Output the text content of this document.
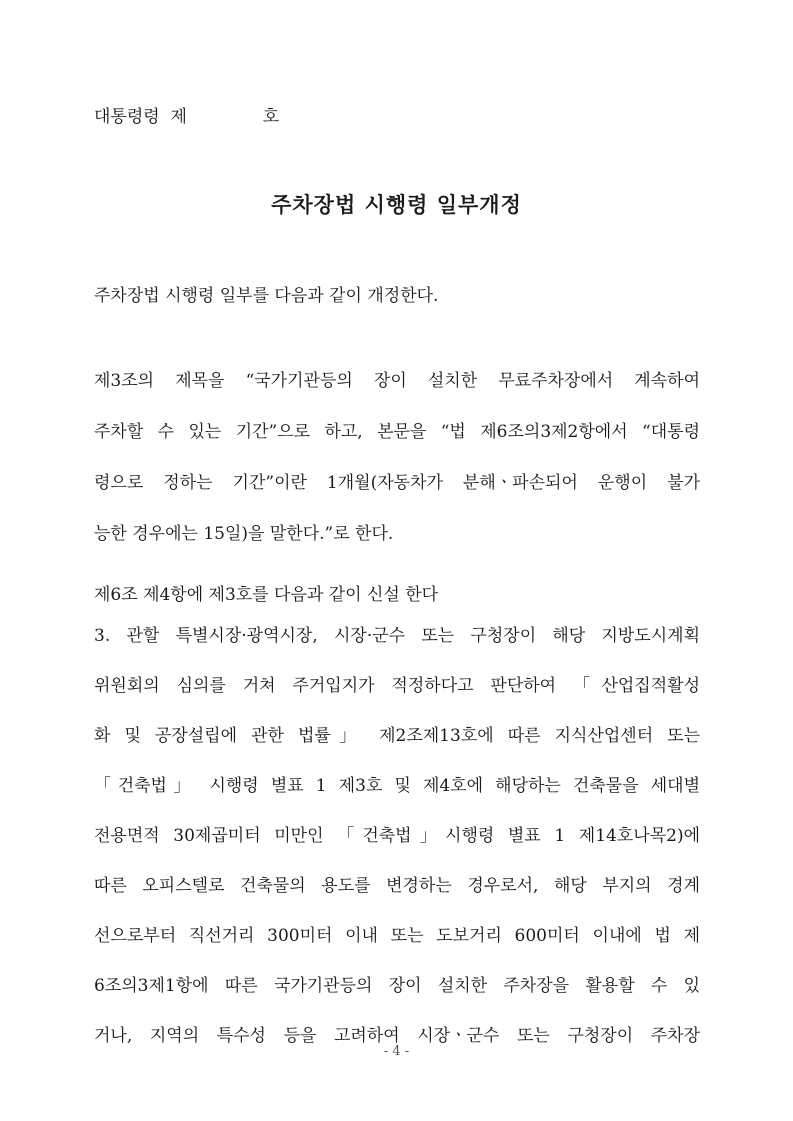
대통령령  제              호
주차장법 시행령 일부개정
주차장법 시행령 일부를 다음과 같이 개정한다.
제3조의 제목을 “국가기관등의 장이 설치한 무료주차장에서 계속하여
주차할 수 있는 기간”으로 하고, 본문을 “법 제6조의3제2항에서 “대통령
령으로 정하는 기간”이란 1개월(자동차가 분해ㆍ파손되어 운행이 불가
능한 경우에는 15일)을 말한다.”로 한다.
제6조 제4항에 제3호를 다음과 같이 신설 한다
3. 관할 특별시장·광역시장, 시장·군수 또는 구청장이 해당 지방도시계획
위원회의 심의를 거쳐 주거입지가 적정하다고 판단하여 「산업집적활성
화 및 공장설립에 관한 법률」 제2조제13호에 따른 지식산업센터 또는
「건축법」 시행령 별표 1 제3호 및 제4호에 해당하는 건축물을 세대별
전용면적 30제곱미터 미만인 「건축법」시행령 별표 1 제14호나목2)에
따른 오피스텔로 건축물의 용도를 변경하는 경우로서, 해당 부지의 경계
선으로부터 직선거리 300미터 이내 또는 도보거리 600미터 이내에 법 제
6조의3제1항에 따른 국가기관등의 장이 설치한 주차장을 활용할 수 있
거나, 지역의 특수성 등을 고려하여 시장ㆍ군수 또는 구청장이 주차장
- 4 -
